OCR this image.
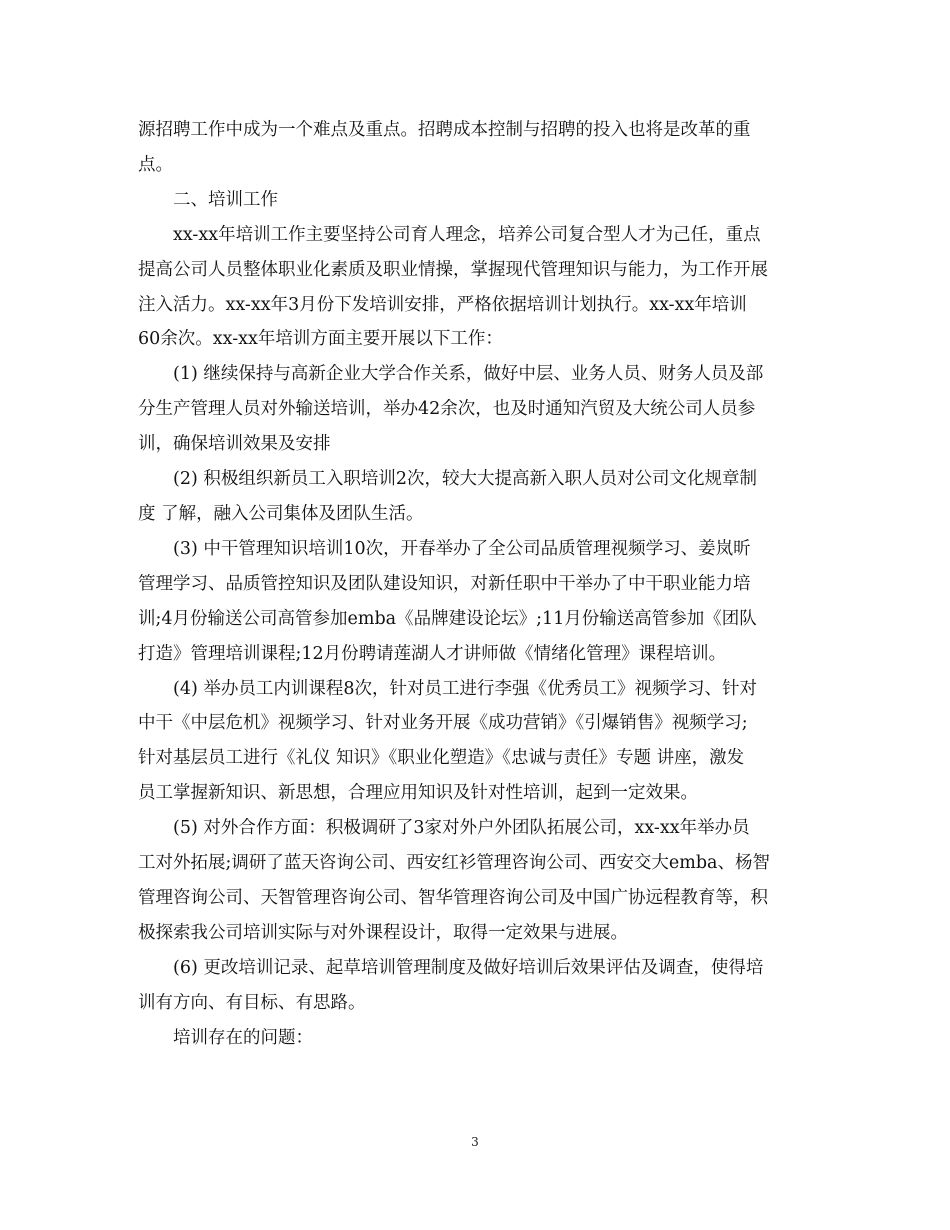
源招聘工作中成为一个难点及重点。招聘成本控制与招聘的投入也将是改革的重
点。
二、培训工作
xx-xx年培训工作主要坚持公司育人理念，培养公司复合型人才为己任，重点
提高公司人员整体职业化素质及职业情操，掌握现代管理知识与能力，为工作开展
注入活力。xx-xx年3月份下发培训安排，严格依据培训计划执行。xx-xx年培训
60余次。xx-xx年培训方面主要开展以下工作：
(1) 继续保持与高新企业大学合作关系，做好中层、业务人员、财务人员及部
分生产管理人员对外输送培训，举办42余次，也及时通知汽贸及大统公司人员参
训，确保培训效果及安排
(2) 积极组织新员工入职培训2次，较大大提高新入职人员对公司文化规章制
度 了解，融入公司集体及团队生活。
(3) 中干管理知识培训10次，开春举办了全公司品质管理视频学习、姜岚昕
管理学习、品质管控知识及团队建设知识，对新任职中干举办了中干职业能力培
训;4月份输送公司高管参加emba《品牌建设论坛》;11月份输送高管参加《团队
打造》管理培训课程;12月份聘请莲湖人才讲师做《情绪化管理》课程培训。
(4) 举办员工内训课程8次，针对员工进行李强《优秀员工》视频学习、针对
中干《中层危机》视频学习、针对业务开展《成功营销》《引爆销售》视频学习;
针对基层员工进行《礼仪 知识》《职业化塑造》《忠诚与责任》专题 讲座，激发
员工掌握新知识、新思想，合理应用知识及针对性培训，起到一定效果。
(5) 对外合作方面：积极调研了3家对外户外团队拓展公司，xx-xx年举办员
工对外拓展;调研了蓝天咨询公司、西安红衫管理咨询公司、西安交大emba、杨智
管理咨询公司、天智管理咨询公司、智华管理咨询公司及中国广协远程教育等，积
极探索我公司培训实际与对外课程设计，取得一定效果与进展。
(6) 更改培训记录、起草培训管理制度及做好培训后效果评估及调查，使得培
训有方向、有目标、有思路。
培训存在的问题：
3
